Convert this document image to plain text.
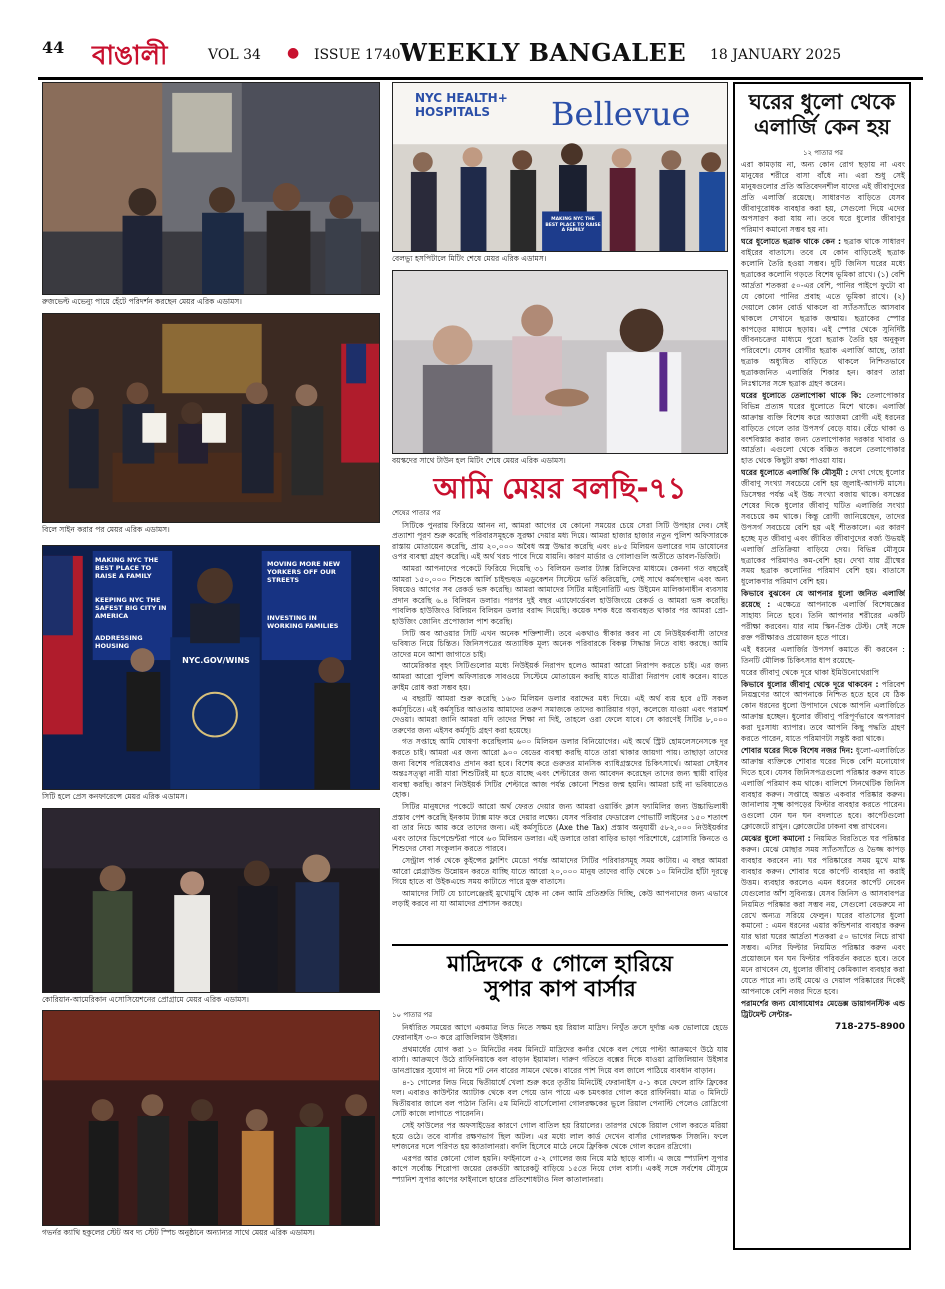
44 বাঙালী	VOL 34 ● ISSUE 1740 WEEKLY BANGALEE 18 JANUARY 2025
রুজভেল্ট এভেন্যু পায়ে হেঁটে পরিদর্শন করছেন মেয়র এরিক এডামস।
বিলে সাইন করার পর মেয়র এরিক এডামস।
MAKING NYC THE BEST PLACE TO RAISE A FAMILY
KEEPING NYC THE SAFEST BIG CITY IN AMERICA
ADDRESSING HOUSING
MOVING MORE NEW YORKERS OFF OUR STREETS
INVESTING IN WORKING FAMILIES
NYC.GOV/WINS
সিটি হলে প্রেস কনফারেন্সে মেয়র এরিক এডামস।
কোরিয়ান-আমেরিকান এসোসিয়েশনের প্রোগ্রামে মেয়র এরিক এডামস।
গভর্নর ক্যাথি হকুলের স্টেট অব দ্য স্টেট স্পিচ অনুষ্ঠানে অন্যান্যর সাথে মেয়র এরিক এডামস।
NYC HEALTH+ HOSPITALS	Bellevue
MAKING NYC THE BEST PLACE TO RAISE A FAMILY
বেলভ্যু হসপিটালে মিটিং শেষে মেয়র এরিক এডামস।
বয়স্কদের সাথে টাউন হল মিটিং শেষে মেয়র এরিক এডামস।
আমি মেয়র বলছি-৭১

শেষের পাতার পর

সিটিকে পুনরায় ফিরিয়ে আনন না, আমরা আগের যে কোনো সময়ের চেয়ে সেরা সিটি উপহার দেব। সেই প্রত্যাশা পূরণ শুরু করেছি পরিবারসমূহকে সুরক্ষা দেয়ার মধ্য দিয়ে। আমরা হাজার হাজার নতুন পুলিশ অফিসারকে রাস্তায় মোতায়েন করেছি, প্রায় ২০,০০০ অবৈধ অস্ত্র উদ্ধার করেছি এবং ৪৮৫ মিলিয়ন ডলারের দাম ডাযোনের ওপর ব্যবস্থা গ্রহণ করেছি। এই অর্থ খরচ পাবে দিয়ে যায়নি। কারণ মার্ডার ও গোলাগুলি অতীতে ডাবল-ডিজিট।

আমরা আপনাদের পকেটে ফিরিয়ে দিয়েছি ৩১ বিলিয়ন ডলার ট্যাক্স রিলিফের মাধ্যমে। কেননা গত বছরেই আমরা ১৫০,০০০ শিশুকে আর্লি চাইল্ডহুড এডুকেশন সিস্টেমে ভর্তি করিয়েছি, সেই সাথে কর্মসংস্থান এবং অন্য বিষয়েও আগের সব রেকর্ড ভঙ্গ করেছি। আমরা আমাদের সিটির মাইনোরিটি এন্ড উইমেন মালিকানাধীন ব্যবসায় প্রদান করেছি ৬.৪ বিলিয়ন ডলার। পরপর দুই বছর এ্যাফোর্ডেবল হাউজিংয়ে রেকর্ড ও আমরা ভঙ্গ করেছি। পাবলিক হাউজিংও বিলিয়ন বিলিয়ন ডলার বরাদ্দ দিয়েছি। কয়েক দশক ধরে অব্যবহৃত থাকার পর আমরা প্রো-হাউজিং জোনিং প্রপোজাল পাশ করেছি।

সিটি অব আওয়ার সিটি এখন অনেক শক্তিশালী। তবে একথাও স্বীকার করব না যে নিউইয়র্কবাসী তাদের ভবিষ্যত নিয়ে চিন্তিত। জিনিসপত্রের অত্যাধিক মূল্য অনেক পরিবারকে বিকল্প সিদ্ধান্ত নিতে বাধ্য করছে। আমি তাদের মনে আশা জাগাতে চাই।

আমেরিকার বৃহৎ সিটিগুলোর মধ্যে নিউইয়র্ক নিরাপদ হলেও আমরা আরো নিরাপদ করতে চাই। এর জন্য আমরা আরো পুলিশ অফিসারকে সাবওয়ে সিস্টেমে মোতায়েন করছি যাতে যাত্রীরা নিরাপদ বোধ করেন। যাতে ক্রাইম রোধ করা সম্ভব হয়।

এ বছরটি আমরা শুরু করেছি ১৬৩ মিলিয়ন ডলার বরাদ্দের মধ্য দিয়ে। এই অর্থ ব্যয় হবে ৫টি সকল কর্মসূচিতে। এই কর্মসূচির আওতায় আমাদের তরুণ সমাজকে তাদের ক্যারিয়ার গড়া, কলেজে যাওয়া এবং পরামর্শ দেওয়া। আমরা জানি আমরা যদি তাদের শিক্ষা না দিই, তাহলে ওরা ফেলে যাবে। সে কারণেই সিটির ৮,০০০ তরুণের জন্য এইসব কর্মসূচি গ্রহণ করা হয়েছে।

গত সপ্তাহে আমি ঘোষণা করেছিলাম ৬০০ মিলিয়ন ডলার বিনিয়োগের। এই অর্থে স্ট্রিট হোমলেসনেসকে দূর করতে চাই। আমরা এর জন্য আরো ৯০০ বেডের ব্যবস্থা করছি যাতে তারা থাকার জায়গা পায়। তাছাড়া তাদের জন্য বিশেষ পরিষেবাও প্রদান করা হবে। বিশেষ করে গুরুতর মানসিক ব্যাধিগ্রস্তদের চিকিৎসার্থে। আমরা সেইসব অন্তঃসত্ত্বা নারী যারা শিশুটিরই মা হতে যাচ্ছে এবং শেল্টারের জন্য আবেদন করেছেন তাদের জন্য স্থায়ী বাড়ির ব্যবস্থা করছি। কারণ নিউইয়র্ক সিটির শেল্টারে আজ পর্যন্ত কোনো শিশুর জন্ম হয়নি। আমরা চাই না ভবিষ্যতেও হোক।

সিটির মানুষদের পকেটে আরো অর্থ ফেরত দেয়ার জন্য আমরা ওয়ার্কিং ক্লাস ফ্যামিলির জন্য উচ্চাভিলাষী প্রস্তাব পেশ করেছি ইনকাম ট্যাক্স মাফ করে দেয়ার লক্ষ্যে। যেসব পরিবার ফেডারেল পোভার্টি লাইনের ১৫০ শতাংশ বা তার নিচে আয় করে তাদের জন্য। এই কর্মসূচিতে (Axe the Tax) প্রস্তাব অনুযায়ী ৫৮২,০০০ নিউইয়র্কার এবং তাদের ডিপেন্ডেন্টরা পাবে ৬৩ মিলিয়ন ডলার। এই ডলারে তারা বাড়ির ভাড়া পরিশোধে, গ্রোসারি কিনতে ও শিশুদের সেবা সংকুলান করতে পারবে।

সেন্ট্রাল পার্ক থেকে কুইন্সের ফ্লাশিং মেডো পর্যন্ত আমাদের সিটির পরিবারসমূহ সময় কাটায়। এ বছর আমরা আরো প্লেগ্রাউন্ড উন্নোয়ন করতে যাচ্ছি যাতে আরো ২০,০০০ মানুষ তাদের বাড়ি থেকে ১০ মিনিটের হাঁটা দূরত্বে গিয়ে হাতে বা উইকএন্ডে সময় কাটাতে পারে মুক্ত বাতাসে।

আমাদের সিটি যে চ্যালেঞ্জেরই মুখোমুখি হোক না কেন আমি প্রতিশ্রুতি দিচ্ছি, কেউ আপনাদের জন্য এভাবে লড়াই করবে না যা আমাদের প্রশাসন করছে।

মাদ্রিদকে ৫ গোলে হারিয়ে
সুপার কাপ বার্সার

১০ পাতার পর

নির্ধারিত সময়ের আগে একমাত্র লিড নিতে সক্ষম হয় রিয়াল মাদ্রিদ। নিখুঁত ক্রসে দুর্দান্ত এক ভোলায়ে হেডে ফেরানাইস ৩-০ করে ব্রাজিলিয়ান উইঙ্গার।

প্রথমার্ধের যোগ করা ১০ মিনিটের নবম মিনিটে মাদ্রিদের কর্নার থেকে বল পেয়ে পাল্টা আক্রমণে উঠে যায় বার্সা। আক্রমণে উঠে রাফিনিয়াকে বল বাড়ান ইয়ামাল। দারুণ গতিতে বক্সের দিকে যাওয়া ব্রাজিলিয়ান উইঙ্গার ডানপ্রান্তের সুযোগ না নিয়ে শট নেন বারের সামনে থেকে। বারের পাশ দিয়ে বল জালে পাঠিয়ে ব্যবধান বাড়ান।

৪-১ গোলের লিড নিয়ে দ্বিতীয়ার্ধে খেলা শুরু করে তৃতীয় মিনিটেই ফেরানাইস ৫-১ করে ফেলে রাফি ফ্রিকের দল। এবারও কাউন্টার অ্যাটাক থেকে বল পেয়ে ডান পায়ে এক চমৎকার গোল করে রাফিনিয়া। মাত্র ৩ মিনিটে দ্বিতীয়বার জালে বল পাঠান তিনি। ৫ম মিনিটে বার্সেলোনা গোলরক্ষকের ভুলে রিয়াল পেনাল্টি পেলেও রোদ্রিগো সেটি কাজে লাগাতে পারেননি।

সেই ফাউলের পর অফসাইডের কারণে গোল বাতিল হয় রিয়ালের। তারপর থেকে রিয়াল গোল করতে মরিয়া হয়ে ওঠে। তবে বার্সার রক্ষণভাগ ছিল অটল। এর মধ্যে লাল কার্ড দেখেন বার্সার গোলরক্ষক সিজনি। ফলে দশজনের দলে পরিণত হয় কাতালানরা। বদলি হিসেবে মাঠে নেমে ফ্রিকিক থেকে গোল করেন রদ্রিগো।

এরপর আর কোনো গোল হয়নি। ফাইনালে ৫-২ গোলের জয় নিয়ে মাঠ ছাড়ে বার্সা। এ জয়ে স্প্যানিশ সুপার কাপে সর্বোচ্চ শিরোপা জয়ের রেকর্ডটা আরেকটু বাড়িয়ে ১৫তে নিয়ে গেল বার্সা। একই সঙ্গে সর্বশেষ মৌসুমে স্প্যানিশ সুপার কাপের ফাইনালে হারের প্রতিশোধটাও নিল কাতালানরা।

ঘরের ধুলো থেকে এলার্জি কেন হয়

১২ পাতার পর

এরা কামড়ায় না, অন্য কোন রোগ ছড়ায় না এবং মানুষের শরীরে বাসা বাঁধে না। এরা শুধু সেই মানুষগুলোর প্রতি অতিবেদনশীল যাদের এই জীবাণুদের প্রতি এলার্জি রয়েছে। সাধারণত বাড়িতে যেসব জীবাণুরোধক ব্যবহার করা হয়, সেগুলো দিয়ে এদের অপসারণ করা যায় না। তবে ঘরে ধুলোর জীবাণুর পরিমাণ কমানো সম্ভব হয় না।

ঘরে ধুলোতে ছত্রাক থাকে কেন : ছত্রাক থাকে সাধারণ বাইরের বাতাসে। তবে যে কোন বাড়িতেই ছত্রাক কলোনি তৈরি হওয়া সম্ভব। দুটি জিনিস ঘরের মধ্যে ছত্রাকের কলোনি গড়তে বিশেষ ভূমিকা রাখে। (১) বেশি আর্দ্রতা শতকরা ৫০-এর বেশি, পানির পাইপে ফুটো বা যে কোনো পানির প্রবাহ এতে ভূমিকা রাখে। (২) দেয়ালে কোন বোর্ড থাকলে বা স্যাঁতস্যাঁতে আসবাব থাকলে সেখানে ছত্রাক জন্মায়। ছত্রাকের স্পোর কাপড়ের মাধ্যমে ছড়ায়। এই স্পোর থেকে সুনির্দিষ্ট জীবনচক্রের মাধ্যমে পুরো ছত্রাক তৈরি হয় অনুকূল পরিবেশে। যেসব রোগীর ছত্রাক এলার্জি আছে, তারা ছত্রাক অধ্যুষিত বাড়িতে থাকলে নিশ্চিতভাবে ছত্রাকজনিত এলার্জির শিকার হন। কারণ তারা নিঃশ্বাসের সঙ্গে ছত্রাক গ্রহণ করেন।

ঘরের ধুলোতে তেলাপোকা থাকে কি: তেলাপোকার বিভিন্ন প্রত্যঙ্গ ঘরের ধুলোতে মিশে থাকে। এলার্জি আক্রান্ত ব্যক্তি বিশেষ করে অ্যাজমা রোগী এই ধরনের বাড়িতে গেলে তার উপসর্গ বেড়ে যায়। বেঁচে থাকা ও বংশবিস্তার করার জন্য তেলাপোকার দরকার খাবার ও আর্দ্রতা। এগুলো থেকে বঞ্চিত করলে তেলাপোকার হাত থেকে কিছুটা রক্ষা পাওয়া যায়।

ঘরের ধুলোতে এলার্জি কি মৌসুমী : দেখা গেছে ধুলোর জীবাণু সংখ্যা সবচেয়ে বেশি হয় জুলাই-আগস্ট মাসে। ডিসেম্বর পর্যন্ত এই উচ্চ সংখ্যা বজায় থাকে। বসন্তের শেষের দিকে ধুলোর জীবাণু ঘটিত এলার্জির সংখ্যা সবচেয়ে কম থাকে। কিন্তু রোগী জানিয়েছেন, তাদের উপসর্গ সবচেয়ে বেশি হয় এই শীতকালে। এর কারণ হচ্ছে মৃত জীবাণু এবং জীবিত জীবাণুদের বর্জ্য উভয়ই এলার্জি প্রতিক্রিয়া বাড়িয়ে দেয়। বিভিন্ন মৌসুমে ছত্রাকের পরিমাণও কম-বেশি হয়। দেখা যায় গ্রীষ্মের সময় ছত্রাক কলোনির পরিমাণ বেশি হয়। বাতাসে ধুলোকণার পরিমাণ বেশি হয়।

কিভাবে বুঝবেন যে আপনার ধুলো জনিত এলার্জি রয়েছে : এক্ষেত্রে আপনাকে এলার্জি বিশেষজ্ঞের সাহায্য নিতে হবে। তিনি আপনার শরীরের একটি পরীক্ষা করবেন। যার নাম স্কিন-প্রিক টেস্ট। সেই সঙ্গে রক্ত পরীক্ষারও প্রয়োজন হতে পারে।

এই ধরনের এলার্জির উপসর্গ কমাতে কী করবেন : তিনটি মৌলিক চিকিৎসার ধাপ রয়েছে-

ঘরের জীবাণু থেকে দূরে থাকা ইমিউনোথেরাপি

কিভাবে ধুলোর জীবাণু থেকে দূরে থাকবেন : পরিবেশ নিয়ন্ত্রণের আগে আপনাকে নিশ্চিত হতে হবে যে ঠিক কোন ধরনের ধুলো উপাদানে থেকে আপনি এলার্জিতে আক্রান্ত হচ্ছেন। ধুলোর জীবাণু পরিপূর্ণভাবে অপসারণ করা দুঃসাধ্য ব্যাপার। তবে আপনি কিছু পদ্ধতি গ্রহণ করতে পারেন, যাতে পরিমাণটা সন্তুষ্ট করা থাকে।

শোবার ঘরের দিকে বিশেষ নজর দিন: ধুলো-এলার্জিতে আক্রান্ত ব্যক্তিকে শোবার ঘরের দিকে বেশি মনোযোগ দিতে হবে। যেসব জিনিসপত্রগুলো পরিষ্কার করুন যাতে এলার্জি পরিমাণ কম থাকে। বালিশে সিনথেটিক জিনিস ব্যবহার করুন। সপ্তাহে অন্তত একবার পরিষ্কার করুন। জানালায় সূক্ষ্ম কাপড়ের ফিল্টার ব্যবহার করতে পারেন। ওগুলো যেন ঘন ঘন বদলাতে হবে। কার্পেটগুলো ক্লোজেটে রাখুন। ক্লোজেটের ঢাকনা বন্ধ রাখবেন।

মেঝের ধুলো কমানো : নিয়মিত বিরতিতে ঘর পরিষ্কার করুন। মেঝে মোছার সময় স্যাঁতস্যাঁতে ও ভৈজ্জ কাপড় ব্যবহার করবেন না। ঘর পরিষ্কারের সময় মুখে মাস্ক ব্যবহার করুন। শোবার ঘরে কার্পেট ব্যবহার না করাই উত্তম। ব্যবহার করলেও এমন ধরনের কার্পেট নেবেন যেগুলোর আঁশ সুবিন্যস্ত। যেসব জিনিস ও আসবাবপত্র নিয়মিত পরিষ্কার করা সম্ভব নয়, সেগুলো বেডরুমে না রেখে অন্যত্র সরিয়ে ফেলুন। ঘরের বাতাসের ধুলো কমানো : এমন ধরনের এয়ার কন্ডিশনার ব্যবহার করুন যার দ্বারা ঘরের আর্দ্রতা শতকরা ৫০ ভাগের নিচে রাখা সম্ভব। এসির ফিল্টার নিয়মিত পরিষ্কার করুন এবং প্রয়োজনে ঘন ঘন ফিল্টার পরিবর্তন করতে হবে। তবে মনে রাখবেন যে, ধুলোর জীবাণু কেমিক্যাল ব্যবহার করা যেতে পারে না। তাই মেঝে ও দেয়াল পরিষ্কারের দিকেই আপনাকে বেশি নজর দিতে হবে।

পরামর্শের জন্য যোগাযোগঃ মেডেক্স ডায়াগনস্টিক এন্ড ট্রিটমেন্ট সেন্টার-

718-275-8900
